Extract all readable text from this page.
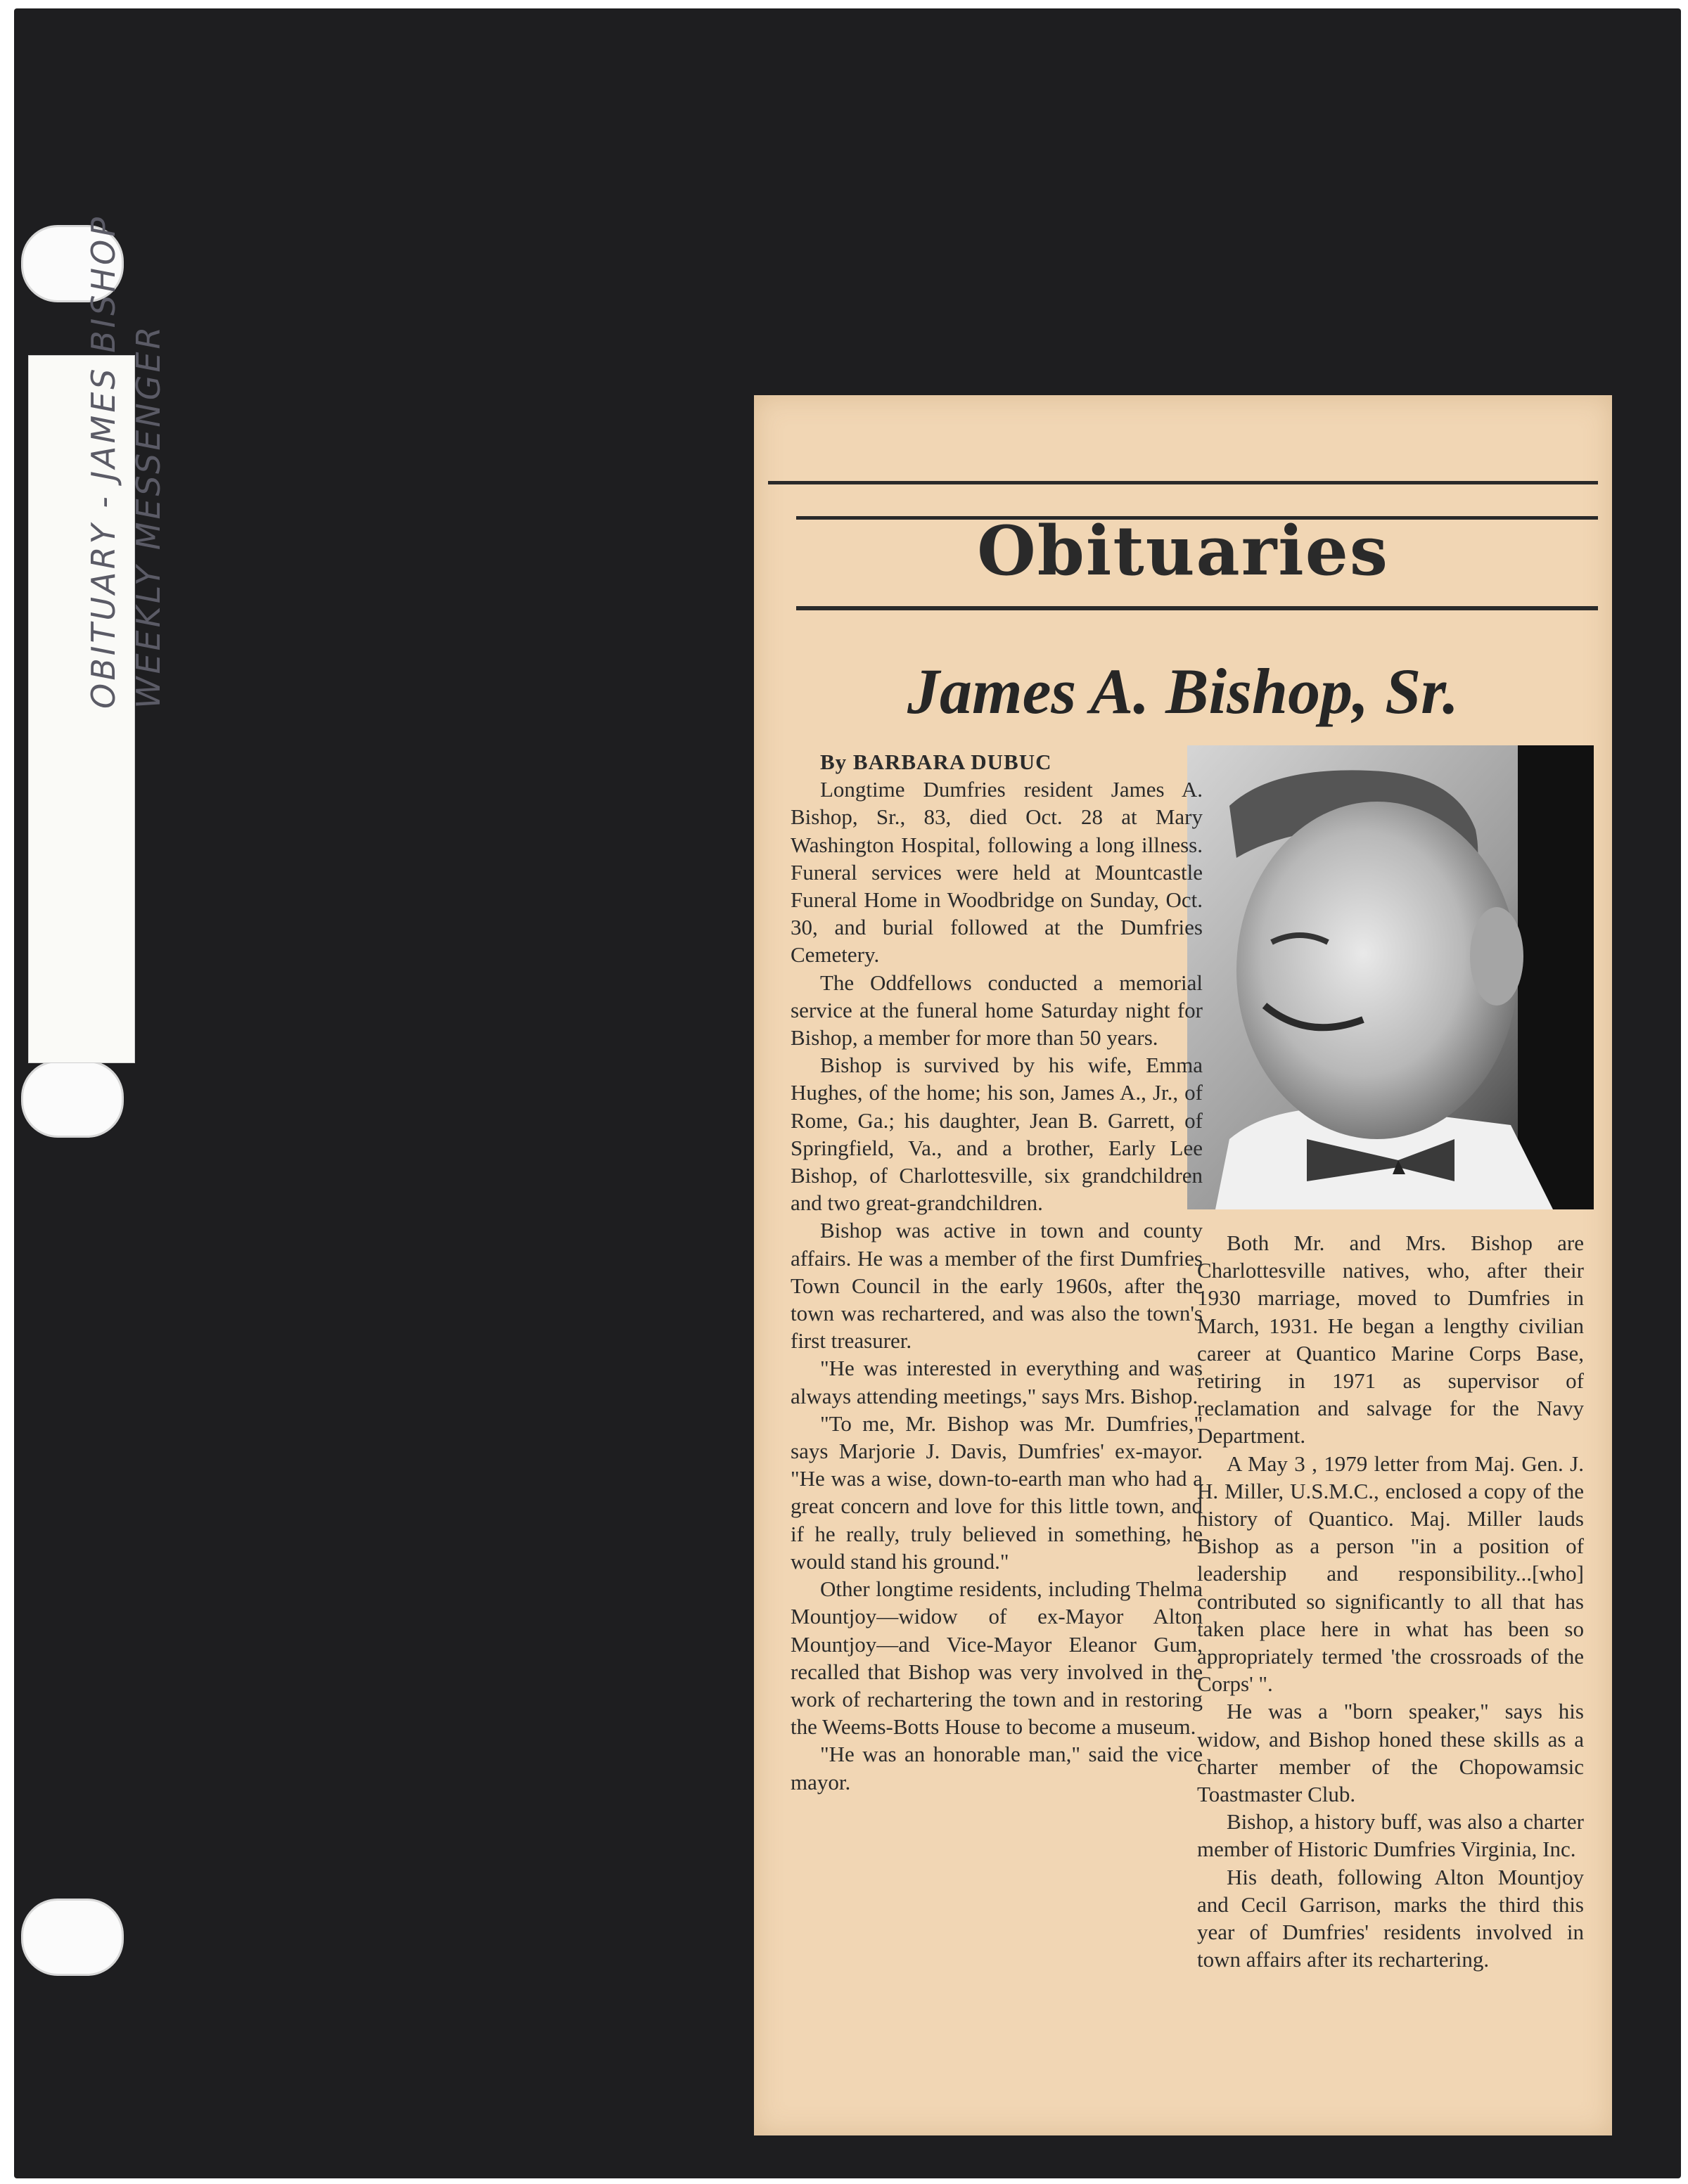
OBITUARY - JAMES BISHOP WEEKLY MESSENGER	Obituaries
James A. Bishop, Sr.

By BARBARA DUBUC

Longtime Dumfries resident James A. Bishop, Sr., 83, died Oct. 28 at Mary Washington Hospital, following a long illness. Funeral services were held at Mountcastle Funeral Home in Woodbridge on Sunday, Oct. 30, and burial followed at the Dumfries Cemetery.

The Oddfellows conducted a memorial service at the funeral home Saturday night for Bishop, a member for more than 50 years.

Bishop is survived by his wife, Emma Hughes, of the home; his son, James A., Jr., of Rome, Ga.; his daughter, Jean B. Garrett, of Springfield, Va., and a brother, Early Lee Bishop, of Charlottesville, six grandchildren and two great-grandchildren.

Bishop was active in town and county affairs. He was a member of the first Dumfries Town Council in the early 1960s, after the town was rechartered, and was also the town's first treasurer.

"He was interested in everything and was always attending meetings," says Mrs. Bishop.

"To me, Mr. Bishop was Mr. Dumfries," says Marjorie J. Davis, Dumfries' ex-mayor. "He was a wise, down-to-earth man who had a great concern and love for this little town, and if he really, truly believed in something, he would stand his ground."

Other longtime residents, including Thelma Mountjoy—widow of ex-Mayor Alton Mountjoy—and Vice-Mayor Eleanor Gum, recalled that Bishop was very involved in the work of rechartering the town and in restoring the Weems-Botts House to become a museum.

"He was an honorable man," said the vice mayor.

Both Mr. and Mrs. Bishop are Charlottesville natives, who, after their 1930 marriage, moved to Dumfries in March, 1931. He began a lengthy civilian career at Quantico Marine Corps Base, retiring in 1971 as supervisor of reclamation and salvage for the Navy Department.

A May 3 , 1979 letter from Maj. Gen. J. H. Miller, U.S.M.C., enclosed a copy of the history of Quantico. Maj. Miller lauds Bishop as a person "in a position of leadership and responsibility...[who] contributed so significantly to all that has taken place here in what has been so appropriately termed 'the crossroads of the Corps' ".

He was a "born speaker," says his widow, and Bishop honed these skills as a charter member of the Chopowamsic Toastmaster Club.

Bishop, a history buff, was also a charter member of Historic Dumfries Virginia, Inc.

His death, following Alton Mountjoy and Cecil Garrison, marks the third this year of Dumfries' residents involved in town affairs after its rechartering.
